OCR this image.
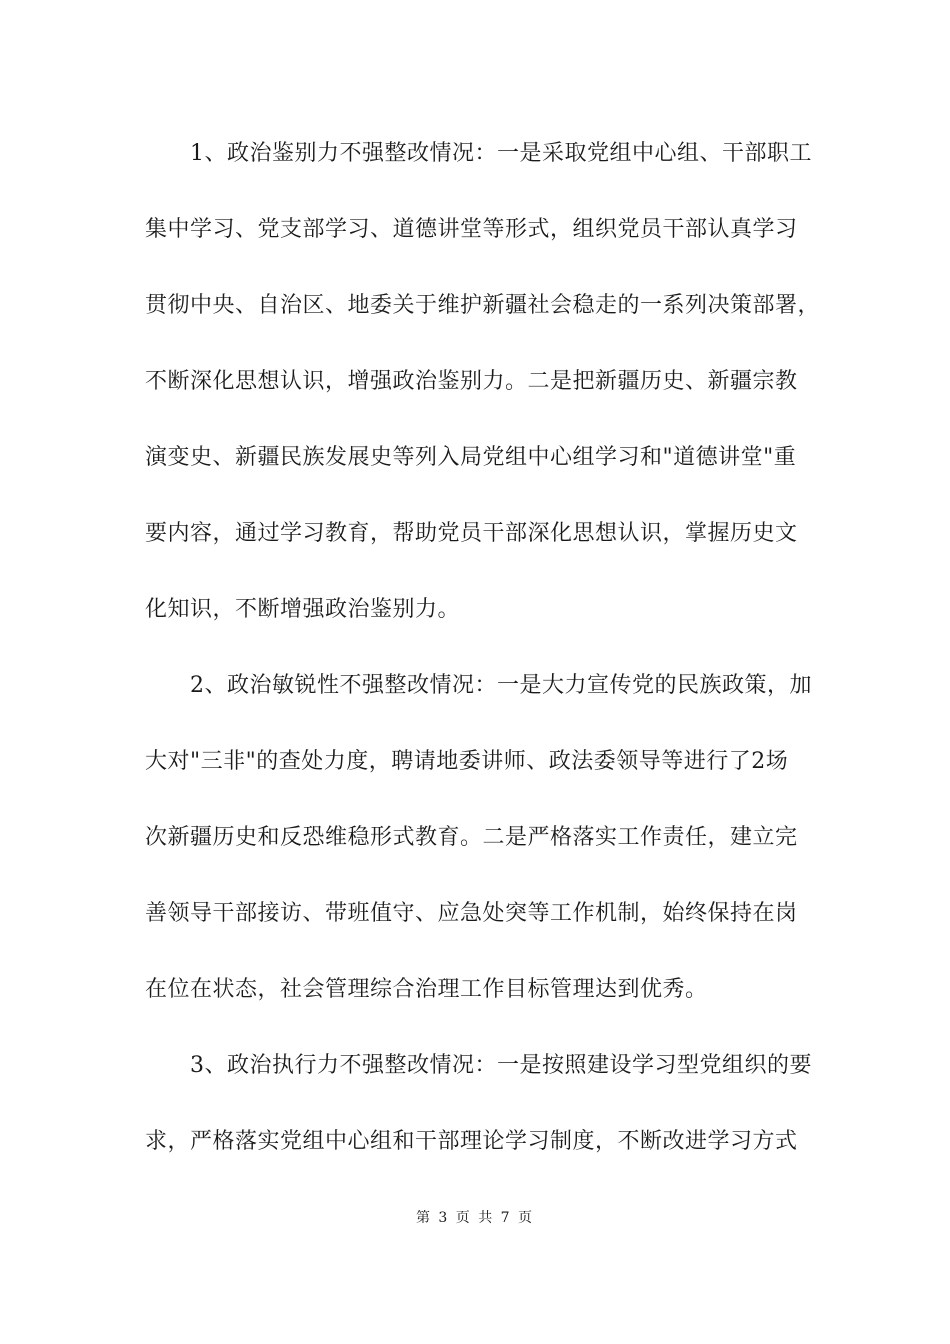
　　1、政治鉴别力不强整改情况：一是采取党组中心组、干部职工
集中学习、党支部学习、道德讲堂等形式，组织党员干部认真学习
贯彻中央、自治区、地委关于维护新疆社会稳走的一系列决策部署，
不断深化思想认识，增强政治鉴别力。二是把新疆历史、新疆宗教
演变史、新疆民族发展史等列入局党组中心组学习和"道德讲堂"重
要内容，通过学习教育，帮助党员干部深化思想认识，掌握历史文
化知识，不断增强政治鉴别力。
　　2、政治敏锐性不强整改情况：一是大力宣传党的民族政策，加
大对"三非"的查处力度，聘请地委讲师、政法委领导等进行了2场
次新疆历史和反恐维稳形式教育。二是严格落实工作责任，建立完
善领导干部接访、带班值守、应急处突等工作机制，始终保持在岗
在位在状态，社会管理综合治理工作目标管理达到优秀。
　　3、政治执行力不强整改情况：一是按照建设学习型党组织的要
求，严格落实党组中心组和干部理论学习制度，不断改进学习方式
第 3 页 共 7 页
